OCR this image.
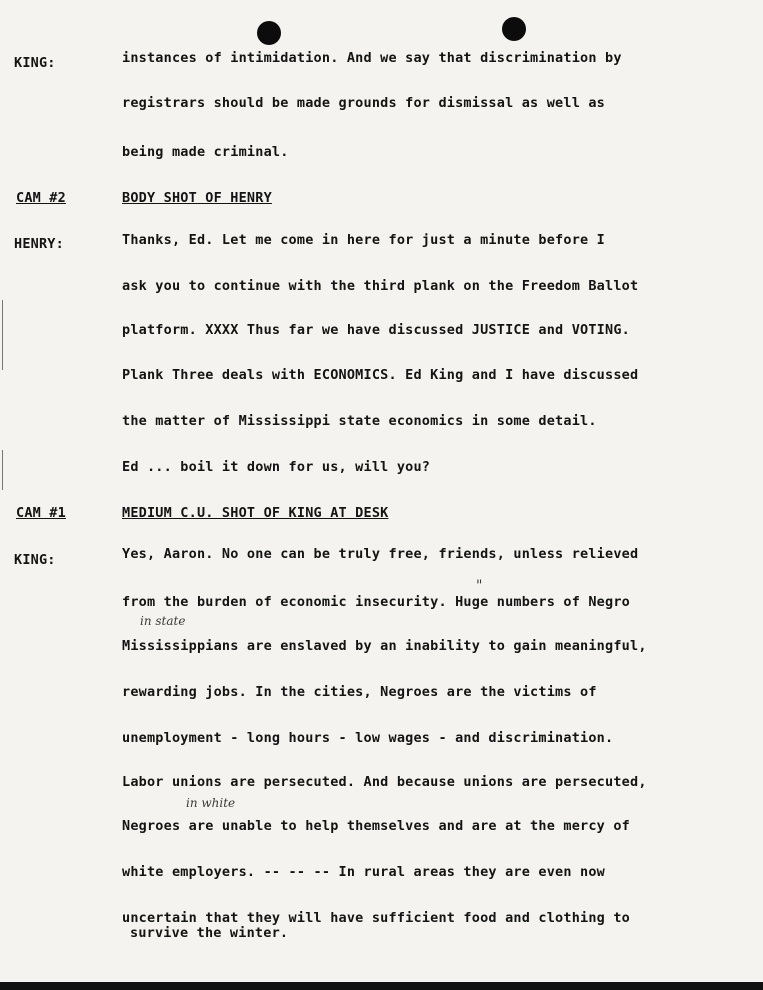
KING:	instances of intimidation. And we say that discrimination by
registrars should be made grounds for dismissal as well as
being made criminal.
CAM #2	BODY SHOT OF HENRY
HENRY:	Thanks, Ed. Let me come in here for just a minute before I
ask you to continue with the third plank on the Freedom Ballot
platform. XXXX Thus far we have discussed JUSTICE and VOTING.
Plank Three deals with ECONOMICS. Ed King and I have discussed
the matter of Mississippi state economics in some detail.
Ed ... boil it down for us, will you?
CAM #1	MEDIUM C.U. SHOT OF KING AT DESK
KING:	Yes, Aaron. No one can be truly free, friends, unless relieved
from the burden of economic insecurity. Huge numbers of Negro
Mississippians are enslaved by an inability to gain meaningful,
rewarding jobs. In the cities, Negroes are the victims of
unemployment - long hours - low wages - and discrimination.
Labor unions are persecuted. And because unions are persecuted,
Negroes are unable to help themselves and are at the mercy of
white employers. -- -- -- In rural areas they are even now
uncertain that they will have sufficient food and clothing to
survive the winter.
"
in state
in white
